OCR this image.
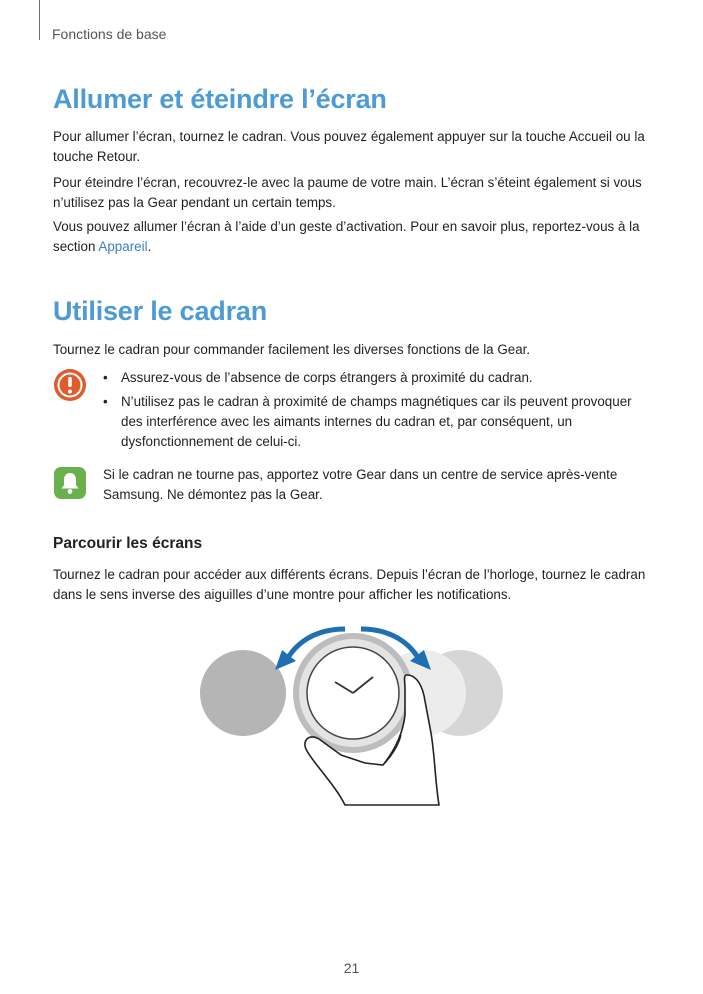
Fonctions de base
Allumer et éteindre l’écran

Pour allumer l’écran, tournez le cadran. Vous pouvez également appuyer sur la touche Accueil ou la touche Retour.

Pour éteindre l’écran, recouvrez-le avec la paume de votre main. L’écran s’éteint également si vous n’utilisez pas la Gear pendant un certain temps.

Vous pouvez allumer l’écran à l’aide d’un geste d’activation. Pour en savoir plus, reportez-vous à la section Appareil.

Utiliser le cadran

Tournez le cadran pour commander facilement les diverses fonctions de la Gear.

• Assurez-vous de l’absence de corps étrangers à proximité du cadran.
• N’utilisez pas le cadran à proximité de champs magnétiques car ils peuvent provoquer des interférence avec les aimants internes du cadran et, par conséquent, un dysfonctionnement de celui-ci.

Si le cadran ne tourne pas, apportez votre Gear dans un centre de service après-vente Samsung. Ne démontez pas la Gear.

Parcourir les écrans

Tournez le cadran pour accéder aux différents écrans. Depuis l’écran de l’horloge, tournez le cadran dans le sens inverse des aiguilles d’une montre pour afficher les notifications.

21
